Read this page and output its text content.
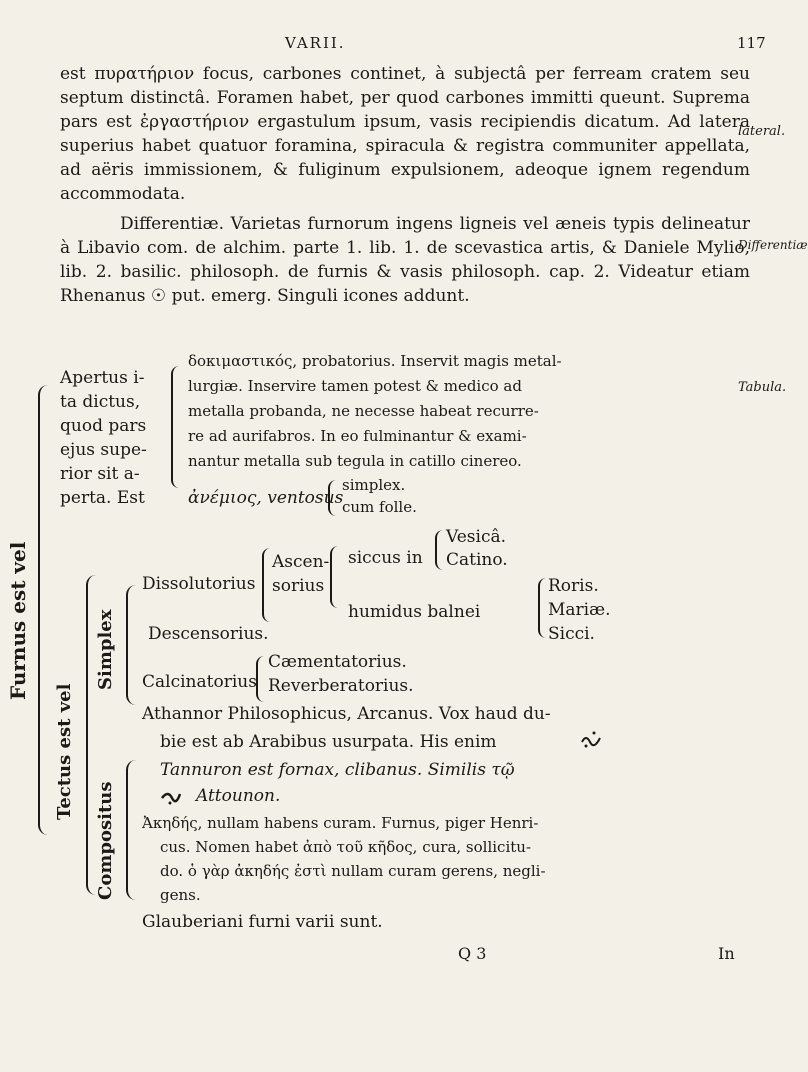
VARII.	117

est πυρατήριον focus, carbones continet, à subjectâ per ferream cratem seu septum distinctâ. Foramen habet, per quod carbones immitti queunt. Suprema pars est ἐργαστήριον ergastulum ipsum, vasis recipiendis dicatum. Ad latera superius habet quatuor foramina, spiracula & registra communiter appellata, ad aëris immissionem, & fuliginum expulsionem, adeoque ignem regendum accommodata.

Differentiæ. Varietas furnorum ingens ligneis vel æneis typis delineatur à Libavio com. de alchim. parte 1. lib. 1. de scevastica artis, & Daniele Mylio, lib. 2. basilic. philosoph. de furnis & vasis philosoph. cap. 2. Videatur etiam Rhenanus ☉ put. emerg. Singuli icones addunt.

lateral.
Differentiæ
Tabula.
Furnus est vel
Tectus est vel
Simplex
Compositus
Apertus i-
ta dictus,
quod pars
ejus supe-
rior sit a-
perta. Est
δοκιμαστικός, probatorius. Inservit magis metal-
lurgiæ. Inservire tamen potest & medico ad
metalla probanda, ne necesse habeat recurre-
re ad aurifabros. In eo fulminantur & exami-
nantur metalla sub tegula in catillo cinereo.
ἀνέμιος, ventosus
simplex.
cum folle.
Dissolutorius
Ascen- sorius
siccus in
Vesicâ.
Catino.
humidus balnei
Roris.
Mariæ.
Sicci.
Descensorius.
Calcinatorius
Cæmentatorius.
Reverberatorius.
Athannor Philosophicus, Arcanus. Vox haud du-
bie est ab Arabibus usurpata. His enim
Tannuron est fornax, clibanus. Similis τῷ
Attounon.
Ἀκηδής, nullam habens curam. Furnus, piger Henri-
cus. Nomen habet ἀπὸ τοῦ κῆδος, cura, sollicitu-
do. ὁ γὰρ ἀκηδής ἐστὶ nullam curam gerens, negli-
gens.
Glauberiani furni varii sunt.
Q 3	In
